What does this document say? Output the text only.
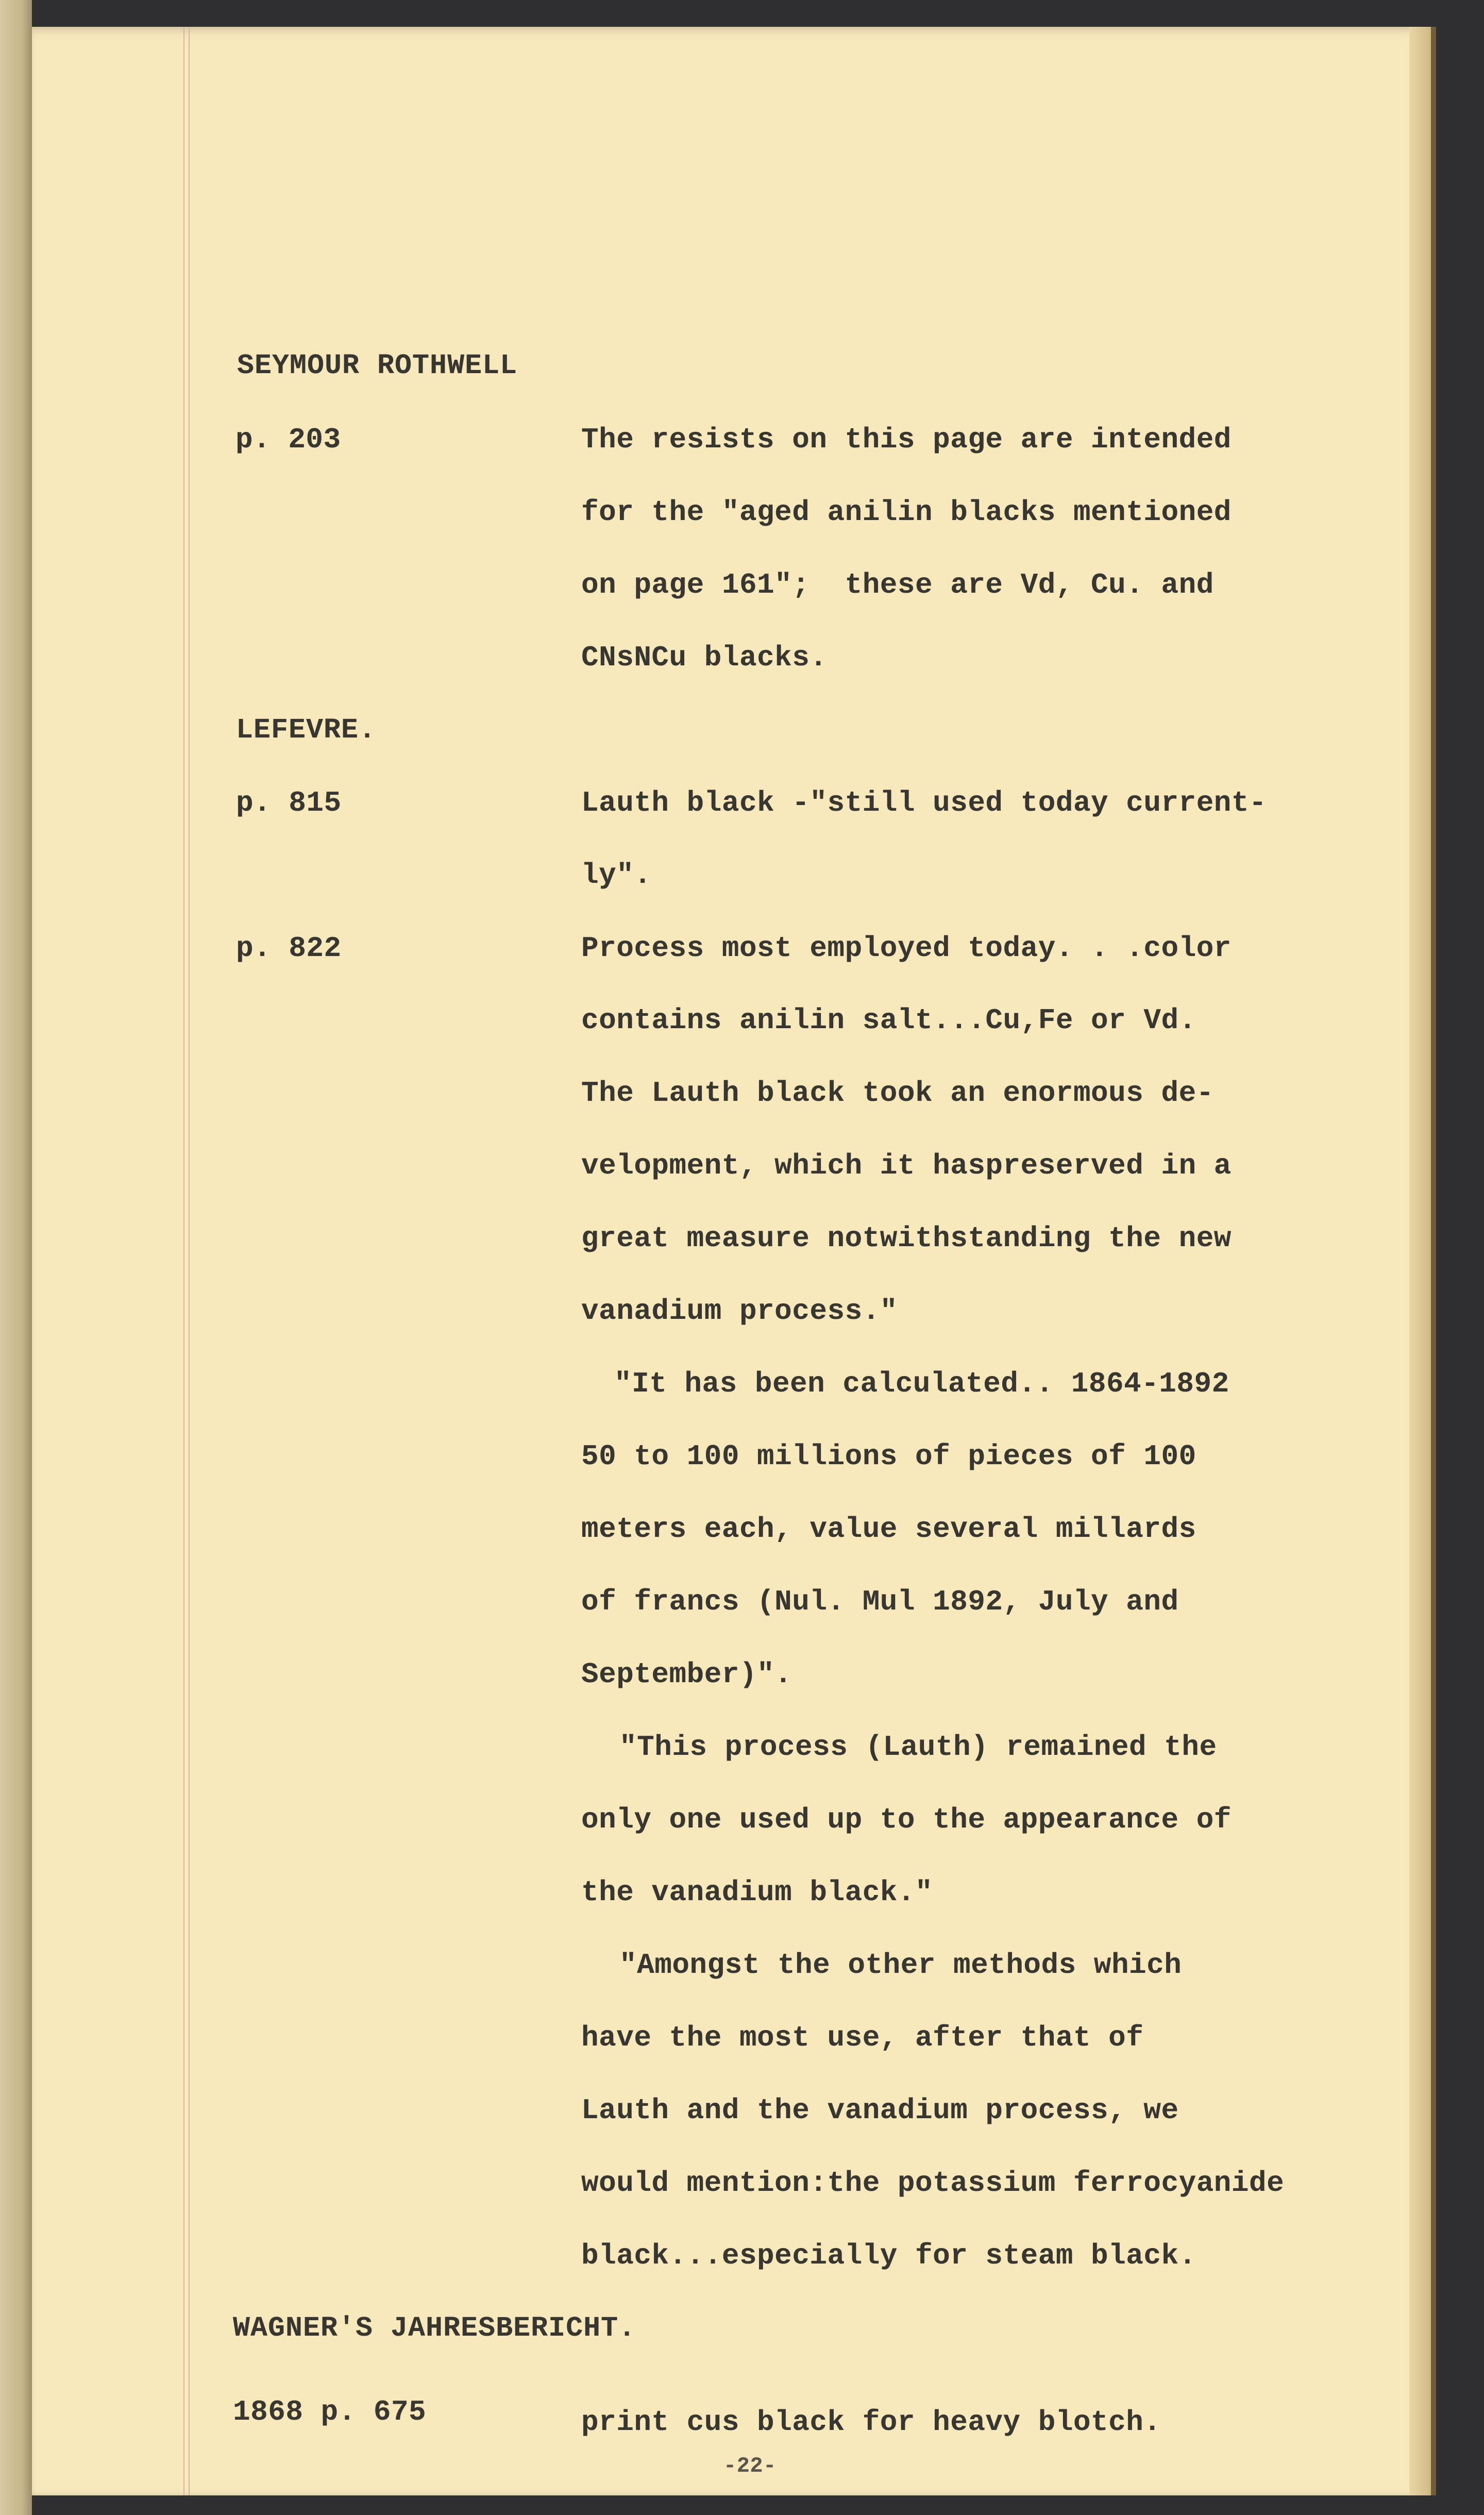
SEYMOUR ROTHWELL
p. 203	The resists on this page are intended
for the "aged anilin blacks mentioned
on page 161";  these are Vd, Cu. and
CNsNCu blacks.
LEFEVRE.
p. 815	Lauth black -"still used today current-
ly".
p. 822	Process most employed today. . .color
contains anilin salt...Cu,Fe or Vd.
The Lauth black took an enormous de-
velopment, which it haspreserved in a
great measure notwithstanding the new
vanadium process."
"It has been calculated.. 1864-1892
50 to 100 millions of pieces of 100
meters each, value several millards
of francs (Nul. Mul 1892, July and
September)".
"This process (Lauth) remained the
only one used up to the appearance of
the vanadium black."
"Amongst the other methods which
have the most use, after that of
Lauth and the vanadium process, we
would mention:the potassium ferrocyanide
black...especially for steam black.
WAGNER'S JAHRESBERICHT.
1868 p. 675	print cus black for heavy blotch.
-22-
